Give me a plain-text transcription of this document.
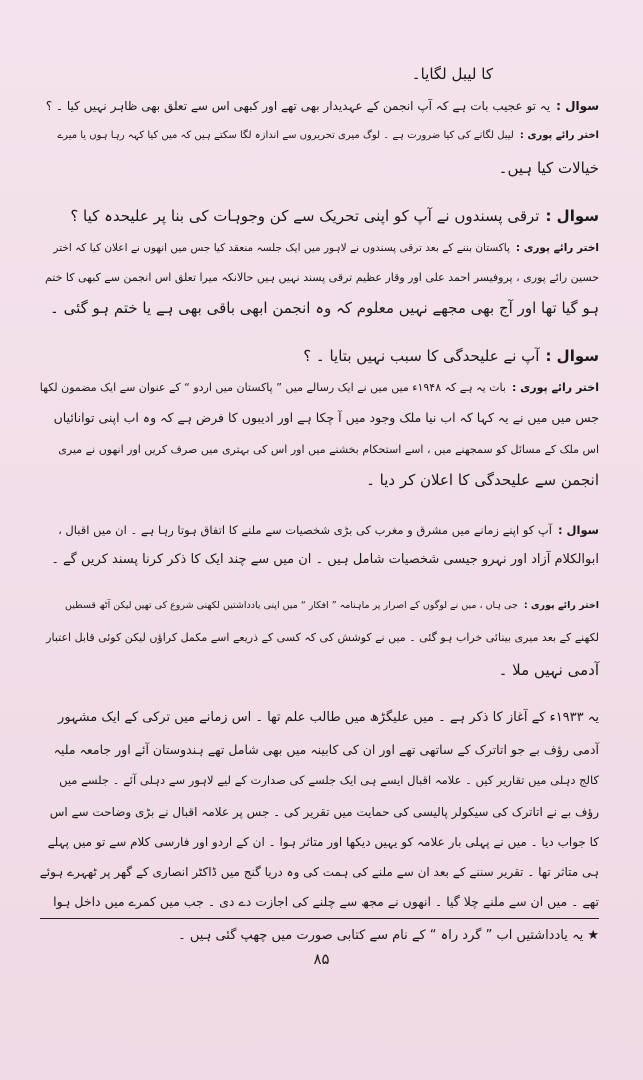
کا لیبل لگایا۔
سوال :یہ تو عجیب بات ہے کہ آپ انجمن کے عہدیدار بھی تھے اور کبھی اس سے تعلق بھی ظاہر نہیں کیا ۔ ؟
اختر رائے پوری :لیبل لگانے کی کیا ضرورت ہے ۔ لوگ میری تحریروں سے اندازہ لگا سکتے ہیں کہ میں کیا کہہ رہا ہوں یا میرے
خیالات کیا ہیں۔
سوال :ترقی پسندوں نے آپ کو اپنی تحریک سے کن وجوہات کی بنا پر علیحدہ کیا ؟
اختر رائے پوری :پاکستان بننے کے بعد ترقی پسندوں نے لاہور میں ایک جلسہ منعقد کیا جس میں انھوں نے اعلان کیا کہ اختر
حسین رائے پوری ، پروفیسر احمد علی اور وقار عظیم ترقی پسند نہیں ہیں حالانکہ میرا تعلق اس انجمن سے کبھی کا ختم
ہو گیا تھا اور آج بھی مجھے نہیں معلوم کہ وہ انجمن ابھی باقی بھی ہے یا ختم ہو گئی ۔
سوال :آپ نے علیحدگی کا سبب نہیں بتایا ۔ ؟
اختر رائے پوری :بات یہ ہے کہ ۱۹۴۸ء میں میں نے ایک رسالے میں ” پاکستان میں اردو “ کے عنوان سے ایک مضمون لکھا
جس میں میں نے یہ کہا کہ اب نیا ملک وجود میں آ چکا ہے اور ادیبوں کا فرض ہے کہ وہ اب اپنی توانائیاں
اس ملک کے مسائل کو سمجھنے میں ، اسے استحکام بخشنے میں اور اس کی بہتری میں صرف کریں اور انھوں نے میری
انجمن سے علیحدگی کا اعلان کر دیا ۔
سوال :آپ کو اپنے زمانے میں مشرق و مغرب کی بڑی شخصیات سے ملنے کا اتفاق ہوتا رہا ہے ۔ ان میں اقبال ،
ابوالکلام آزاد اور نہرو جیسی شخصیات شامل ہیں ۔ ان میں سے چند ایک کا ذکر کرنا پسند کریں گے ۔
اختر رائے پوری :جی ہاں ، میں نے لوگوں کے اصرار پر ماہنامہ ” افکار “ میں اپنی یادداشتیں لکھنی شروع کی تھیں لیکن آٹھ قسطیں
لکھنے کے بعد میری بینائی خراب ہو گئی ۔ میں نے کوشش کی کہ کسی کے ذریعے اسے مکمل کراؤں لیکن کوئی قابل اعتبار
آدمی نہیں ملا ۔
یہ ۱۹۳۳ء کے آغاز کا ذکر ہے ۔ میں علیگڑھ میں طالب علم تھا ۔ اس زمانے میں ترکی کے ایک مشہور
آدمی رؤف بے جو اتاترک کے ساتھی تھے اور ان کی کابینہ میں بھی شامل تھے ہندوستان آئے اور جامعہ ملیہ
کالج دہلی میں تقاریر کیں ۔ علامہ اقبال ایسے ہی ایک جلسے کی صدارت کے لیے لاہور سے دہلی آئے ۔ جلسے میں
رؤف بے نے اتاترک کی سیکولر پالیسی کی حمایت میں تقریر کی ۔ جس پر علامہ اقبال نے بڑی وضاحت سے اس
کا جواب دیا ۔ میں نے پہلی بار علامہ کو یہیں دیکھا اور متاثر ہوا ۔ ان کے اردو اور فارسی کلام سے تو میں پہلے
ہی متاثر تھا ۔ تقریر سننے کے بعد ان سے ملنے کی ہمت کی وہ دریا گنج میں ڈاکٹر انصاری کے گھر پر ٹھہرے ہوئے
تھے ۔ میں ان سے ملنے چلا گیا ۔ انھوں نے مجھ سے چلنے کی اجازت دے دی ۔ جب میں کمرے میں داخل ہوا
★ یہ یادداشتیں اب ” گرد راہ “ کے نام سے کتابی صورت میں چھپ گئی ہیں ۔
۸۵
